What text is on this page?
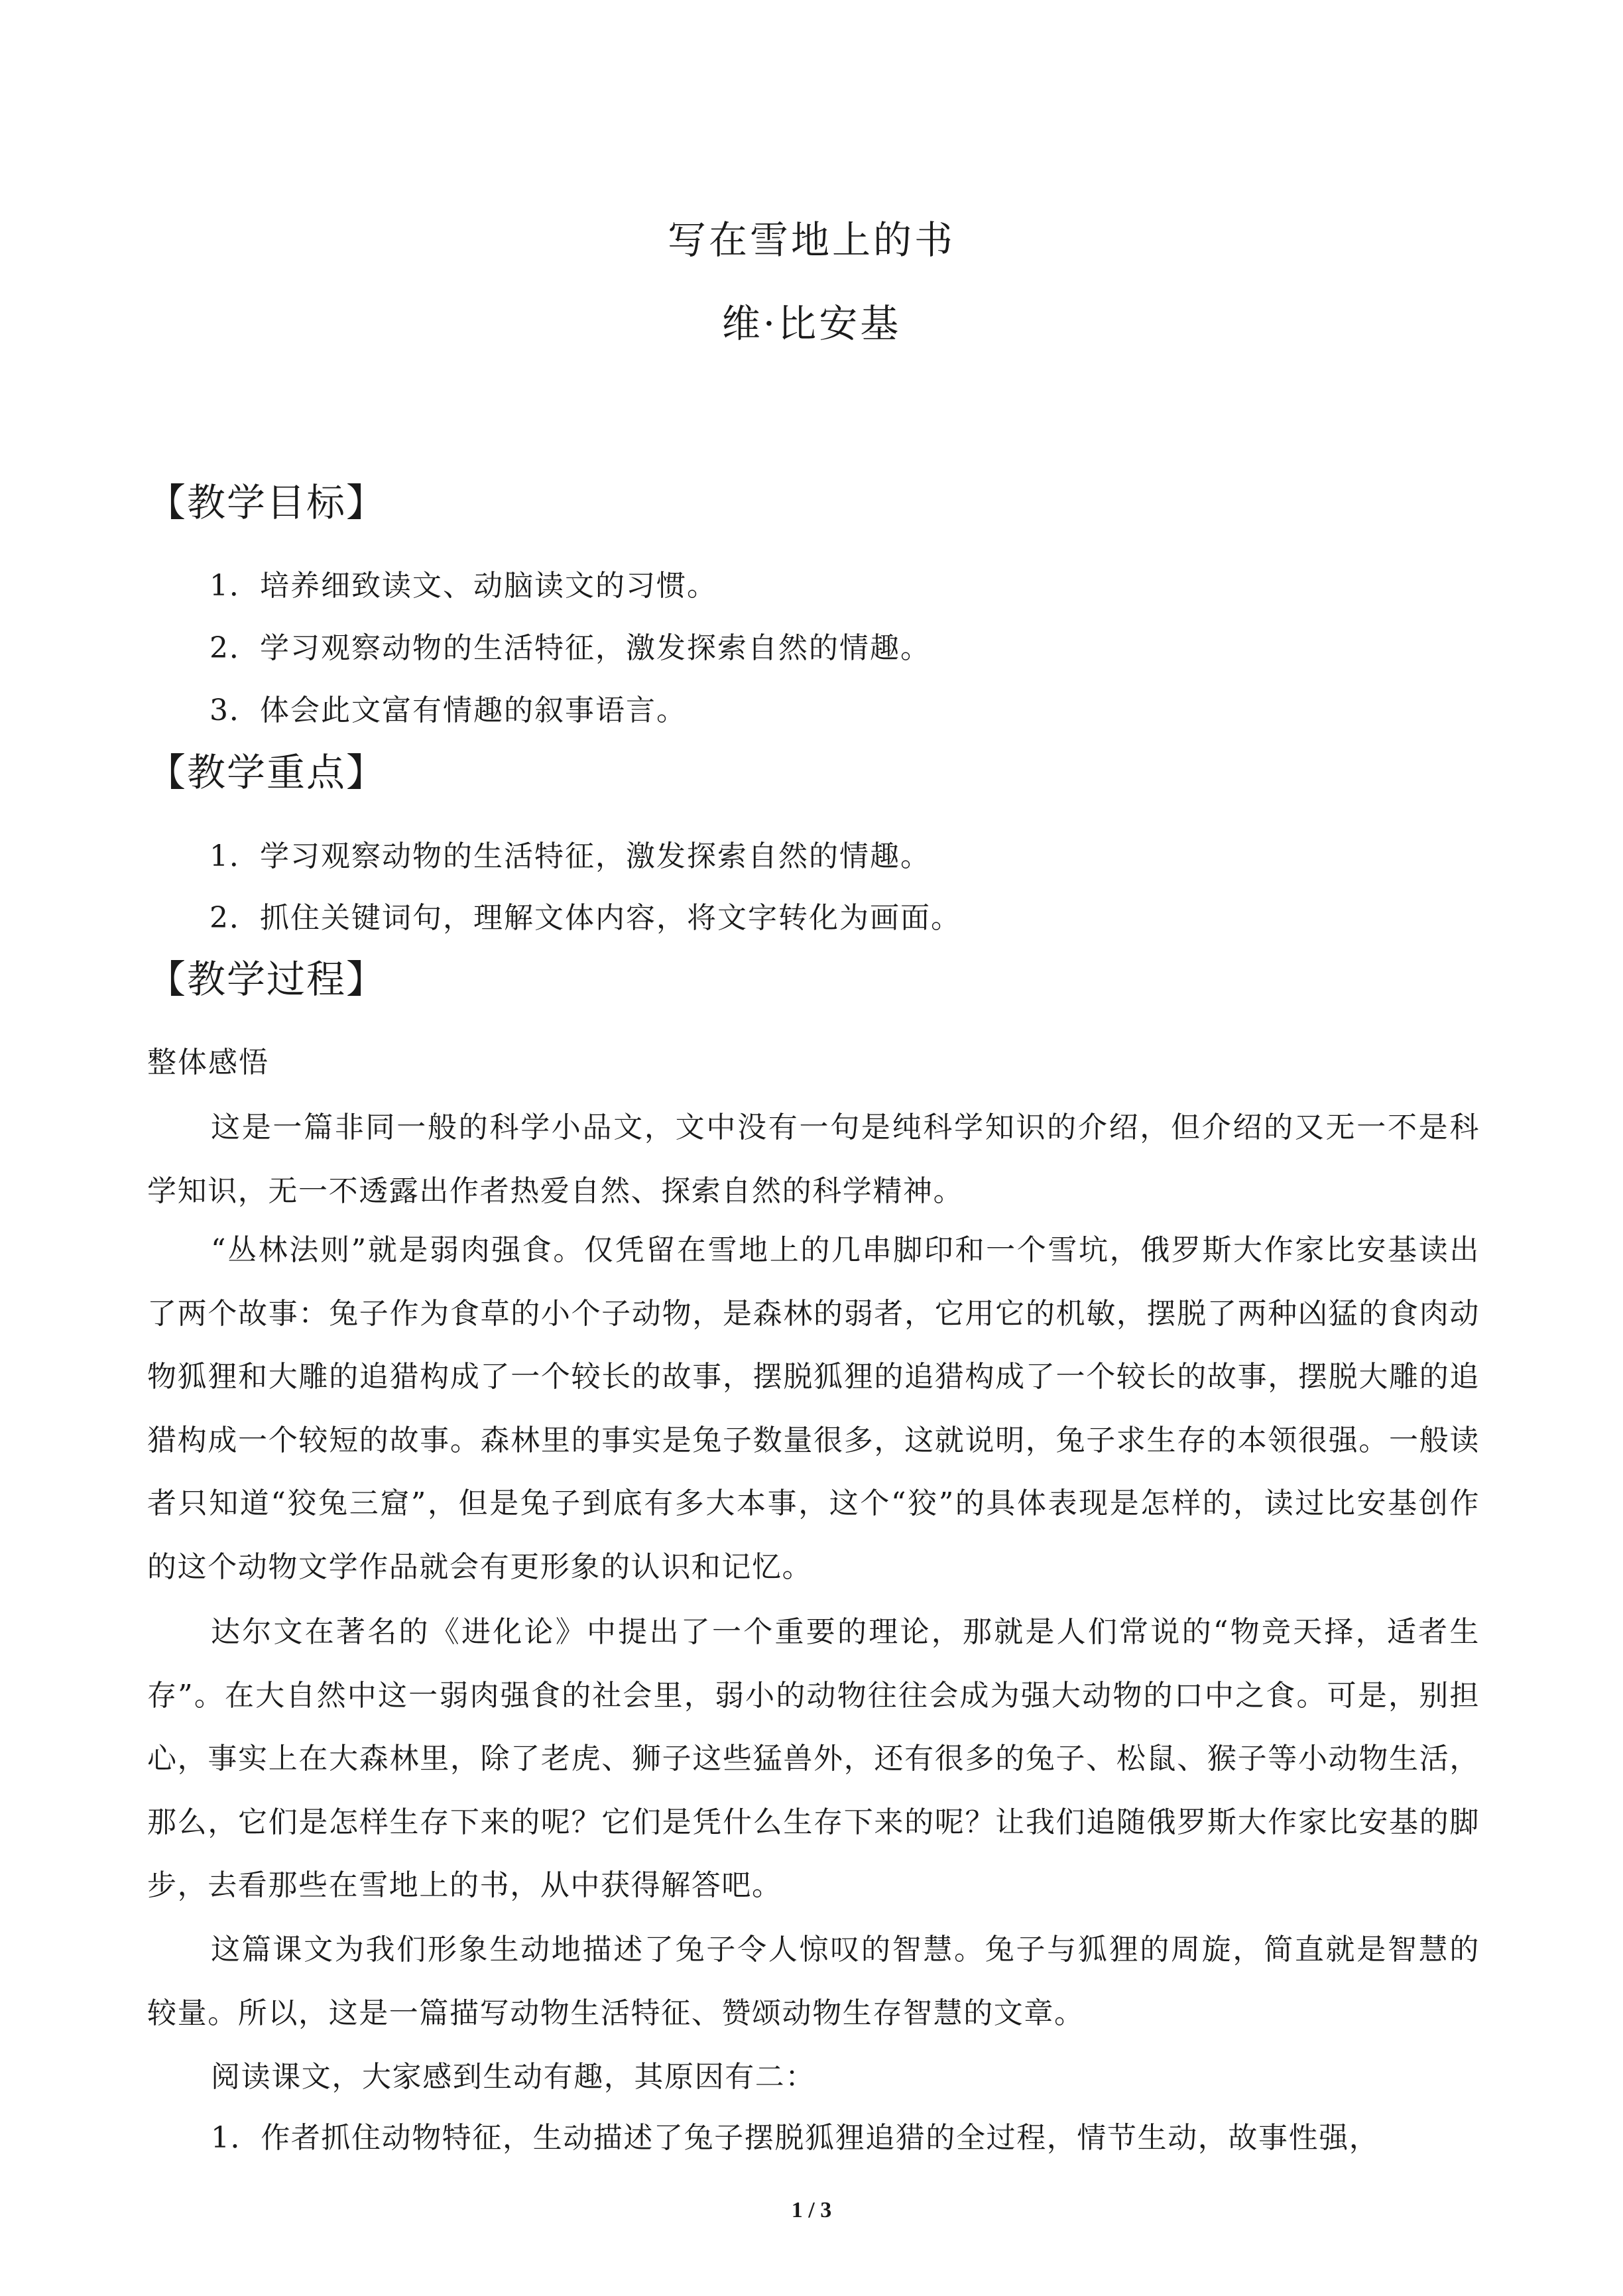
写在雪地上的书
维·比安基
【教学目标】
1．培养细致读文、动脑读文的习惯。
2．学习观察动物的生活特征，激发探索自然的情趣。
3．体会此文富有情趣的叙事语言。
【教学重点】
1．学习观察动物的生活特征，激发探索自然的情趣。
2．抓住关键词句，理解文体内容，将文字转化为画面。
【教学过程】
整体感悟

这是一篇非同一般的科学小品文，文中没有一句是纯科学知识的介绍，但介绍的又无一不是科学知识，无一不透露出作者热爱自然、探索自然的科学精神。

“丛林法则”就是弱肉强食。仅凭留在雪地上的几串脚印和一个雪坑，俄罗斯大作家比安基读出了两个故事：兔子作为食草的小个子动物，是森林的弱者，它用它的机敏，摆脱了两种凶猛的食肉动物狐狸和大雕的追猎构成了一个较长的故事，摆脱狐狸的追猎构成了一个较长的故事，摆脱大雕的追猎构成一个较短的故事。森林里的事实是兔子数量很多，这就说明，兔子求生存的本领很强。一般读者只知道“狡兔三窟”，但是兔子到底有多大本事，这个“狡”的具体表现是怎样的，读过比安基创作的这个动物文学作品就会有更形象的认识和记忆。

达尔文在著名的《进化论》中提出了一个重要的理论，那就是人们常说的“物竞天择，适者生存”。在大自然中这一弱肉强食的社会里，弱小的动物往往会成为强大动物的口中之食。可是，别担心，事实上在大森林里，除了老虎、狮子这些猛兽外，还有很多的兔子、松鼠、猴子等小动物生活，那么，它们是怎样生存下来的呢？它们是凭什么生存下来的呢？让我们追随俄罗斯大作家比安基的脚步，去看那些在雪地上的书，从中获得解答吧。

这篇课文为我们形象生动地描述了兔子令人惊叹的智慧。兔子与狐狸的周旋，简直就是智慧的较量。所以，这是一篇描写动物生活特征、赞颂动物生存智慧的文章。

阅读课文，大家感到生动有趣，其原因有二：

1．作者抓住动物特征，生动描述了兔子摆脱狐狸追猎的全过程，情节生动，故事性强，

1 / 3
